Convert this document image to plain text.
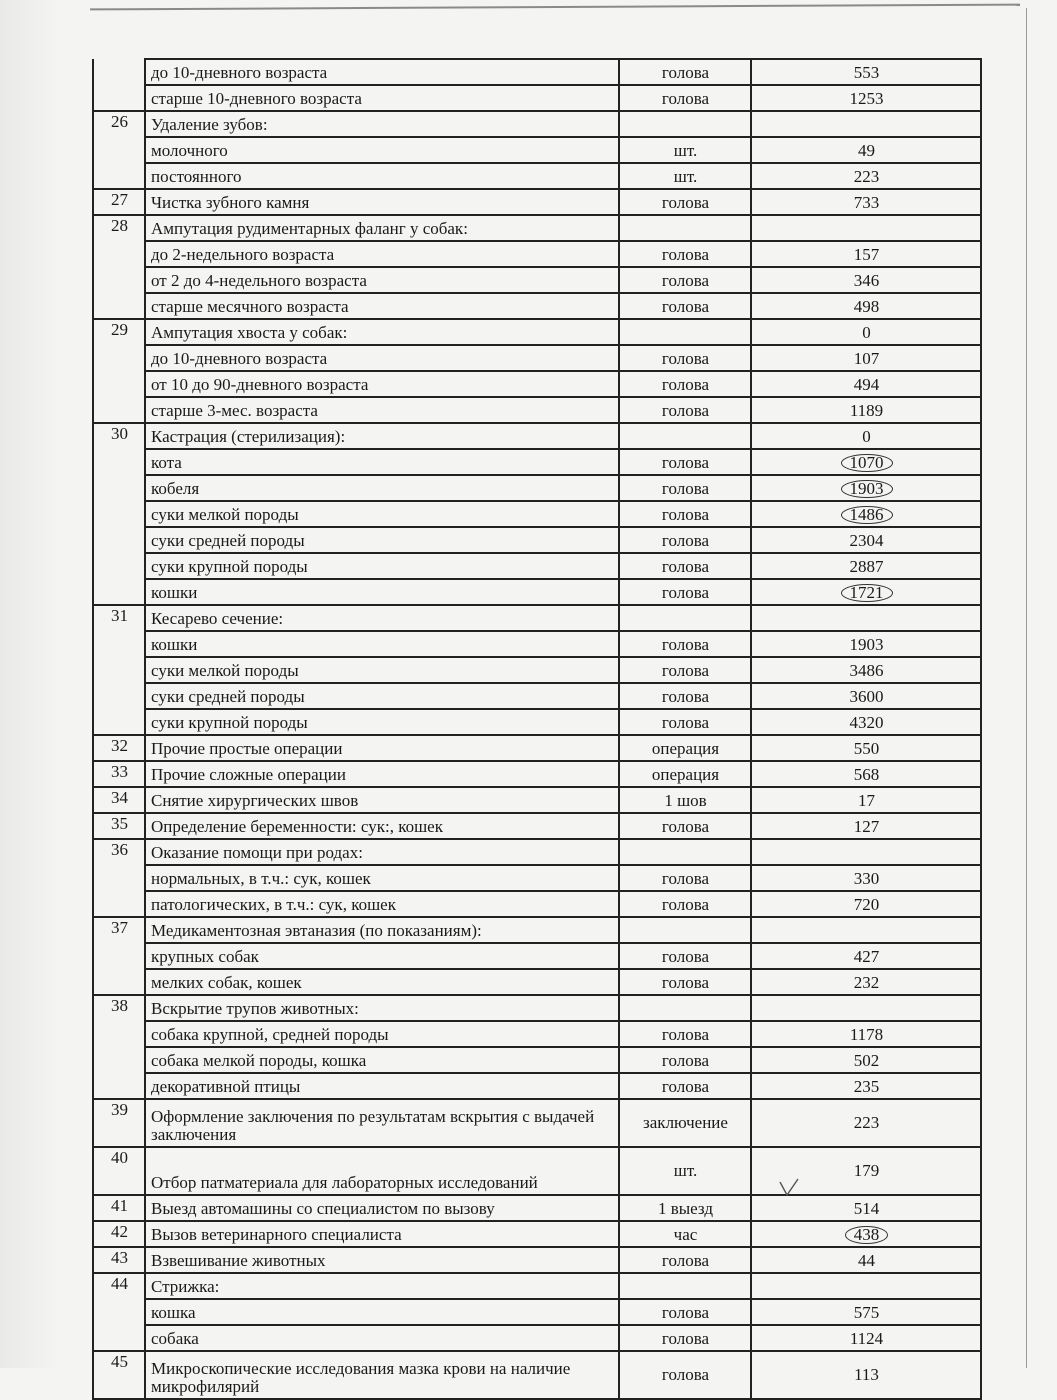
	до 10-дневного возраста	голова	553
	старше 10-дневного возраста	голова	1253
26	Удаление зубов:		
	молочного	шт.	49
	постоянного	шт.	223
27	Чистка зубного камня	голова	733
28	Ампутация рудиментарных фаланг у собак:		
	до 2-недельного возраста	голова	157
	от 2 до 4-недельного возраста	голова	346
	старше месячного возраста	голова	498
29	Ампутация хвоста у собак:		0
	до 10-дневного возраста	голова	107
	от 10 до 90-дневного возраста	голова	494
	старше 3-мес. возраста	голова	1189
30	Кастрация (стерилизация):		0
	кота	голова	1070
	кобеля	голова	1903
	суки мелкой породы	голова	1486
	суки средней породы	голова	2304
	суки крупной породы	голова	2887
	кошки	голова	1721
31	Кесарево сечение:		
	кошки	голова	1903
	суки мелкой породы	голова	3486
	суки средней породы	голова	3600
	суки крупной породы	голова	4320
32	Прочие простые операции	операция	550
33	Прочие сложные операции	операция	568
34	Снятие хирургических швов	1 шов	17
35	Определение беременности: сук:, кошек	голова	127
36	Оказание помощи при родах:		
	нормальных, в т.ч.: сук, кошек	голова	330
	патологических, в т.ч.: сук, кошек	голова	720
37	Медикаментозная эвтаназия (по показаниям):		
	крупных собак	голова	427
	мелких собак, кошек	голова	232
38	Вскрытие трупов животных:		
	собака крупной, средней породы	голова	1178
	собака мелкой породы, кошка	голова	502
	декоративной птицы	голова	235
39	Оформление заключения по результатам вскрытия с выдачей заключения	заключение	223
40	Отбор патматериала для лабораторных исследований	шт.	179
41	Выезд автомашины со специалистом по вызову	1 выезд	514
42	Вызов ветеринарного специалиста	час	438
43	Взвешивание животных	голова	44
44	Стрижка:		
	кошка	голова	575
	собака	голова	1124
45	Микроскопические исследования мазка крови на наличие микрофилярий	голова	113
